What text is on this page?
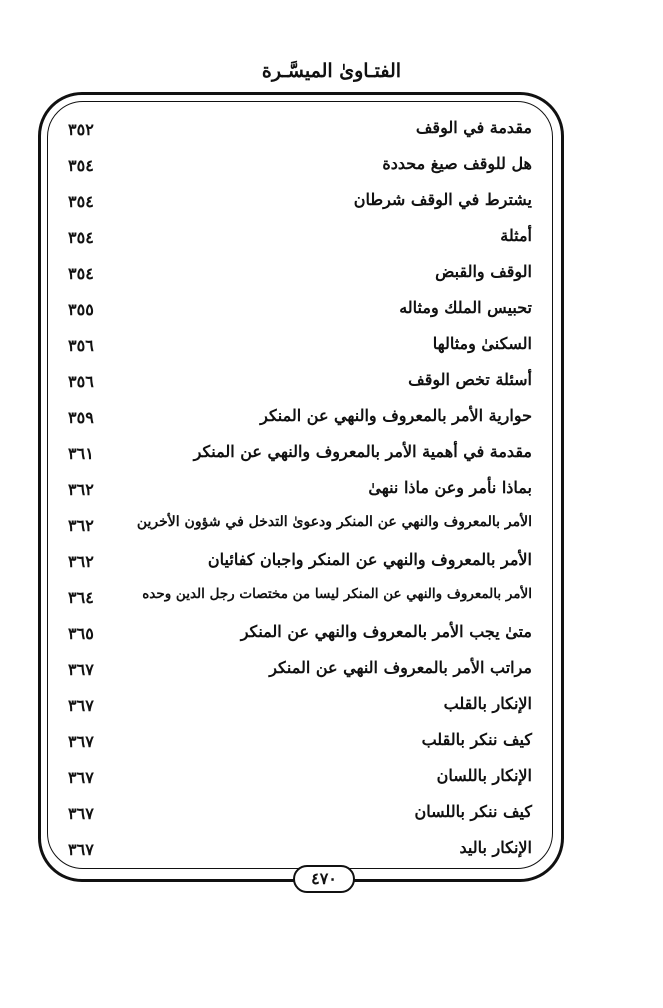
الفتـاوىٰ الميسَّـرة
مقدمة في الوقف
٣٥٢
هل للوقف صيغ محددة
٣٥٤
يشترط في الوقف شرطان
٣٥٤
أمثلة
٣٥٤
الوقف والقبض
٣٥٤
تحبيس الملك ومثاله
٣٥٥
السكنىٰ ومثالها
٣٥٦
أسئلة تخص الوقف
٣٥٦
حوارية الأمر بالمعروف والنهي عن المنكر
٣٥٩
مقدمة في أهمية الأمر بالمعروف والنهي عن المنكر
٣٦١
بماذا نأمر وعن ماذا ننهىٰ
٣٦٢
الأمر بالمعروف والنهي عن المنكر ودعوىٰ التدخل في شؤون الأخرين
٣٦٢
الأمر بالمعروف والنهي عن المنكر واجبان كفائيان
٣٦٢
الأمر بالمعروف والنهي عن المنكر ليسا من مختصات رجل الدين وحده
٣٦٤
متىٰ يجب الأمر بالمعروف والنهي عن المنكر
٣٦٥
مراتب الأمر بالمعروف النهي عن المنكر
٣٦٧
الإنكار بالقلب
٣٦٧
كيف ننكر بالقلب
٣٦٧
الإنكار باللسان
٣٦٧
كيف ننكر باللسان
٣٦٧
الإنكار باليد
٣٦٧
٤٧٠
